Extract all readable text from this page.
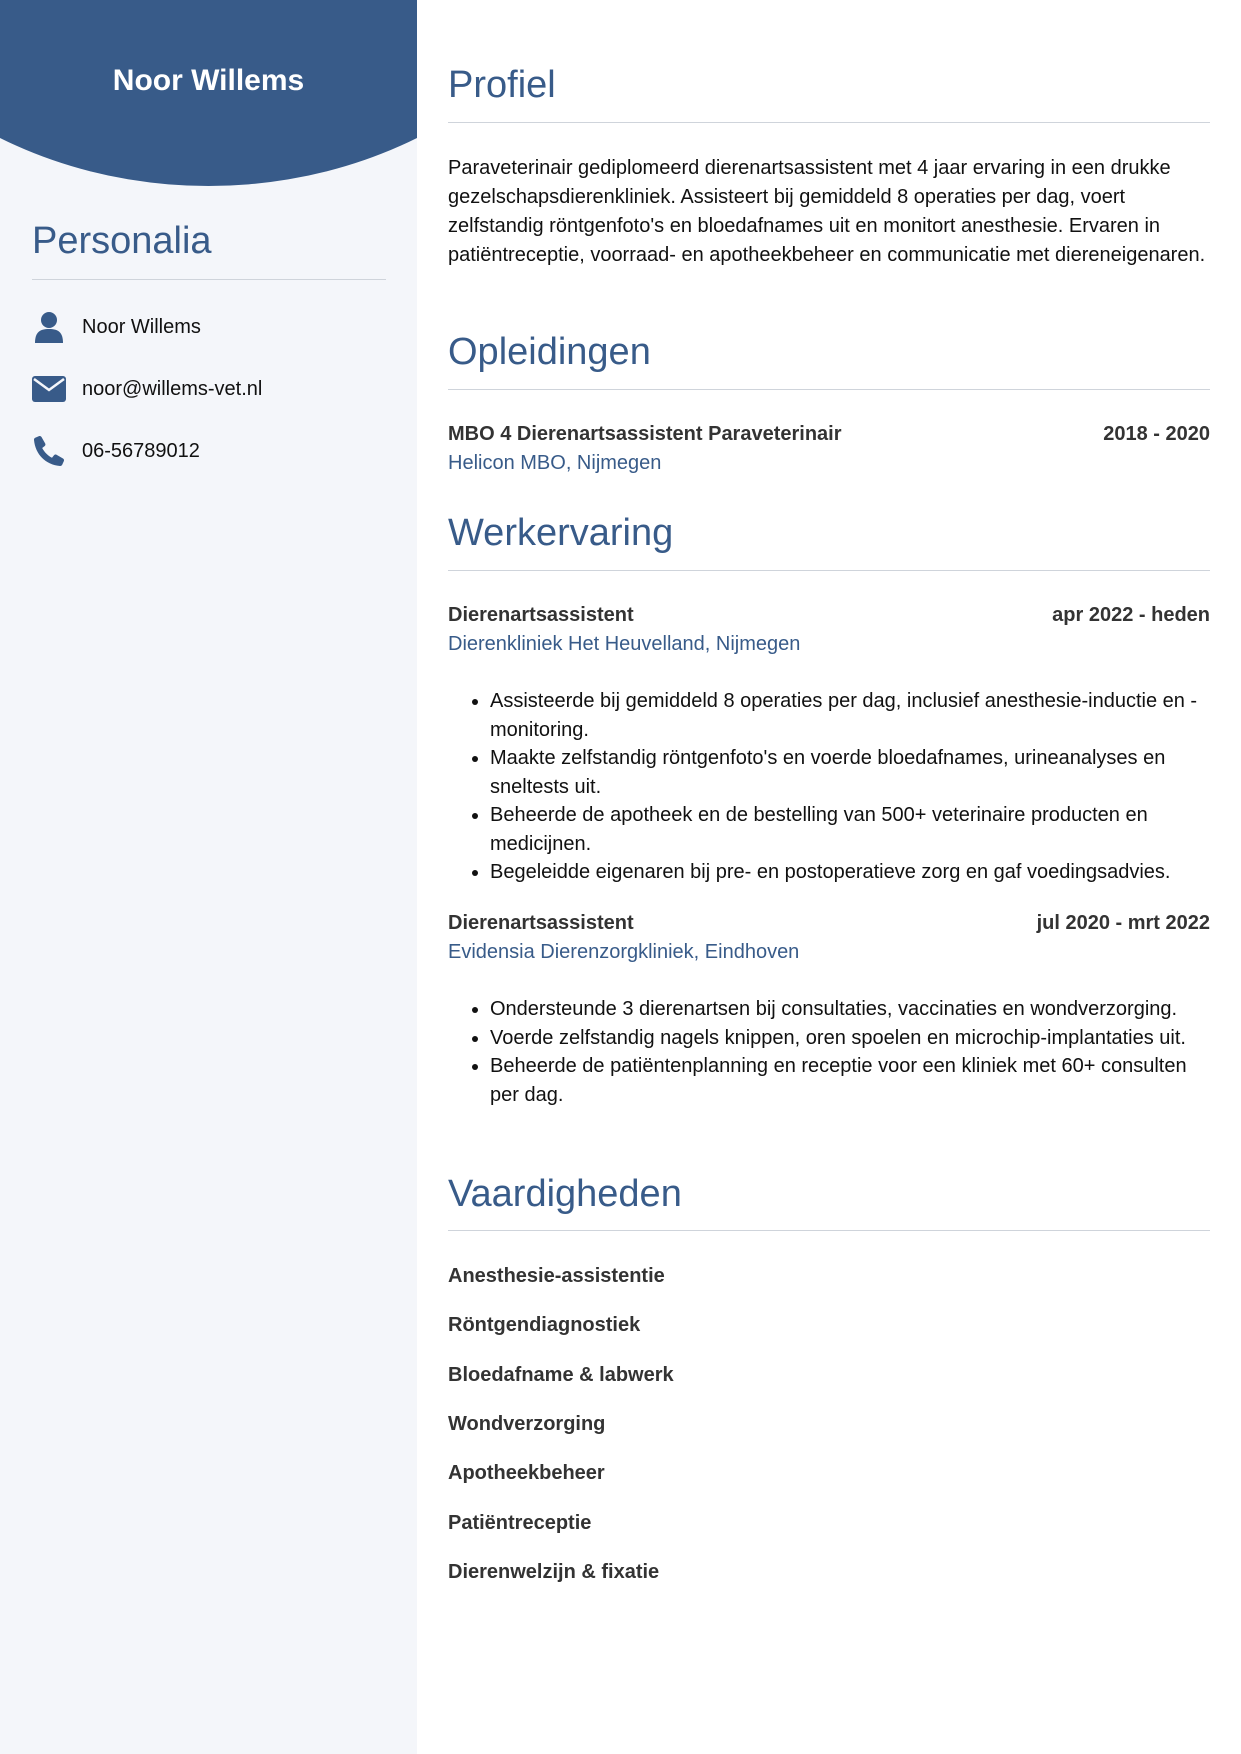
Noor Willems
Personalia
Noor Willems
noor@willems-vet.nl
06-56789012
Profiel
Paraveterinair gediplomeerd dierenartsassistent met 4 jaar ervaring in een drukke gezelschapsdierenkliniek. Assisteert bij gemiddeld 8 operaties per dag, voert zelfstandig röntgenfoto's en bloedafnames uit en monitort anesthesie. Ervaren in patiëntreceptie, voorraad- en apotheekbeheer en communicatie met diereneigenaren.
Opleidingen
MBO 4 Dierenartsassistent Paraveterinair	2018 - 2020
Helicon MBO, Nijmegen
Werkervaring
Dierenartsassistent	apr 2022 - heden
Dierenkliniek Het Heuvelland, Nijmegen
• Assisteerde bij gemiddeld 8 operaties per dag, inclusief anesthesie-inductie en -monitoring.
• Maakte zelfstandig röntgenfoto's en voerde bloedafnames, urineanalyses en sneltests uit.
• Beheerde de apotheek en de bestelling van 500+ veterinaire producten en medicijnen.
• Begeleidde eigenaren bij pre- en postoperatieve zorg en gaf voedingsadvies.
Dierenartsassistent	jul 2020 - mrt 2022
Evidensia Dierenzorgkliniek, Eindhoven
• Ondersteunde 3 dierenartsen bij consultaties, vaccinaties en wondverzorging.
• Voerde zelfstandig nagels knippen, oren spoelen en microchip-implantaties uit.
• Beheerde de patiëntenplanning en receptie voor een kliniek met 60+ consulten per dag.
Vaardigheden
Anesthesie-assistentie
Röntgendiagnostiek
Bloedafname & labwerk
Wondverzorging
Apotheekbeheer
Patiëntreceptie
Dierenwelzijn & fixatie
